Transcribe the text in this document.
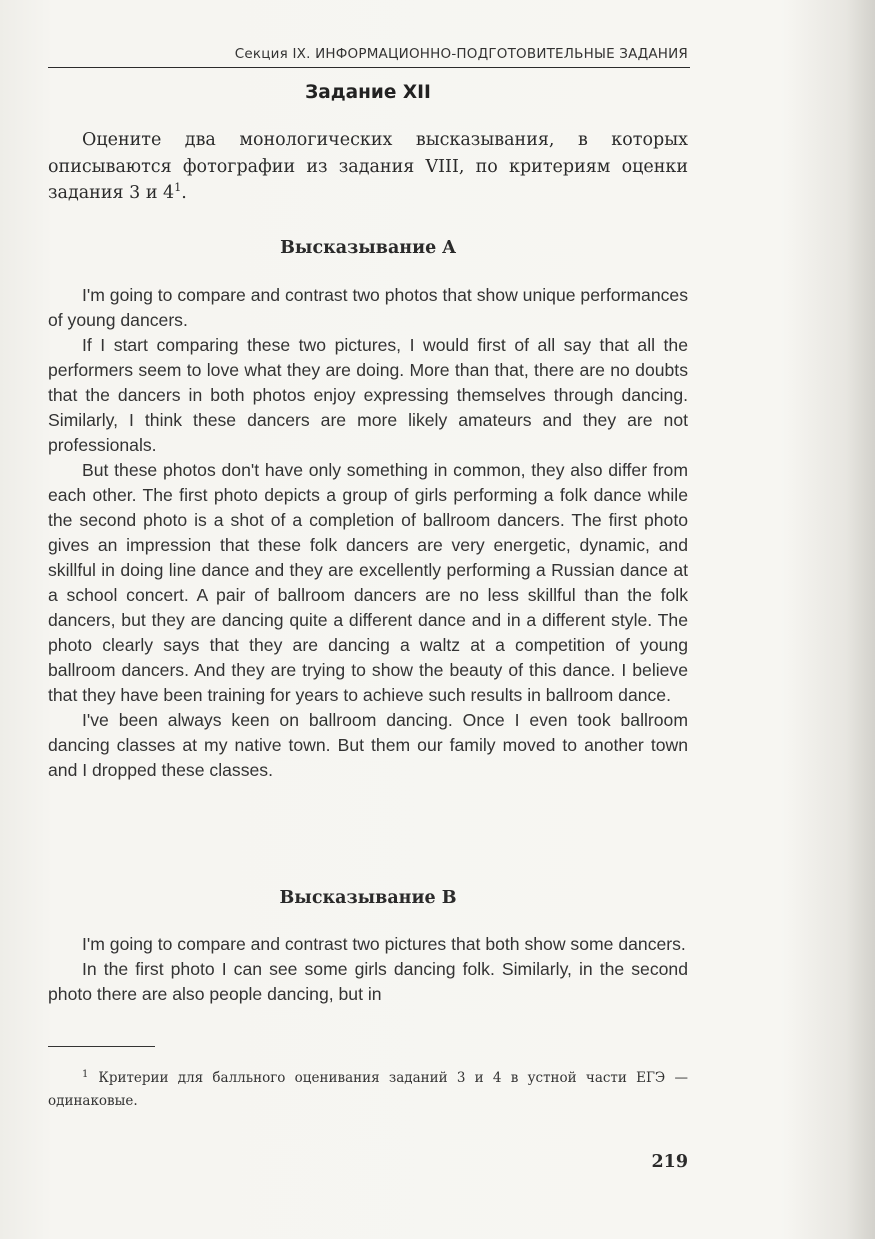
Секция IX. ИНФОРМАЦИОННО-ПОДГОТОВИТЕЛЬНЫЕ ЗАДАНИЯ
Задание XII

Оцените два монологических высказывания, в которых описываются фотографии из задания VIII, по критериям оценки задания 3 и $4^1$.

Высказывание A

I'm going to compare and contrast two photos that show unique performances of young dancers.

If I start comparing these two pictures, I would first of all say that all the performers seem to love what they are doing. More than that, there are no doubts that the dancers in both photos enjoy expressing themselves through dancing. Similarly, I think these dancers are more likely amateurs and they are not professionals.

But these photos don't have only something in common, they also differ from each other. The first photo depicts a group of girls performing a folk dance while the second photo is a shot of a completion of ballroom dancers. The first photo gives an impression that these folk dancers are very energetic, dynamic, and skillful in doing line dance and they are excellently performing a Russian dance at a school concert. A pair of ballroom dancers are no less skillful than the folk dancers, but they are dancing quite a different dance and in a different style. The photo clearly says that they are dancing a waltz at a competition of young ballroom dancers. And they are trying to show the beauty of this dance. I believe that they have been training for years to achieve such results in ballroom dance.

I've been always keen on ballroom dancing. Once I even took ballroom dancing classes at my native town. But them our family moved to another town and I dropped these classes.

Высказывание B

I'm going to compare and contrast two pictures that both show some dancers.

In the first photo I can see some girls dancing folk. Similarly, in the second photo there are also people dancing, but in

$^1$ Критерии для балльного оценивания заданий 3 и 4 в устной части ЕГЭ — одинаковые.

219
